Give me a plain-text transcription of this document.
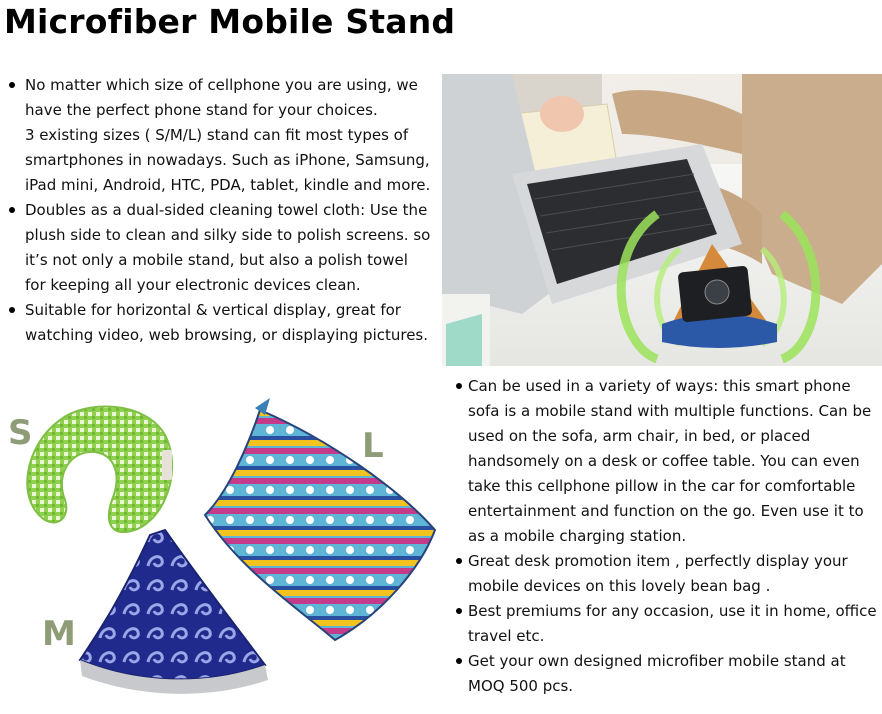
Microfiber Mobile Stand
No matter which size of cellphone you are using, we have the perfect phone stand for your choices.
3 existing sizes ( S/M/L) stand can fit most types of smartphones in nowadays. Such as iPhone, Samsung, iPad mini, Android, HTC, PDA, tablet, kindle and more.
Doubles as a dual-sided cleaning towel cloth: Use the plush side to clean and silky side to polish screens. so it’s not only a mobile stand, but also a polish towel for keeping all your electronic devices clean.
Suitable for horizontal & vertical display, great for watching video, web browsing, or displaying pictures.
S
M
L
Can be used in a variety of ways: this smart phone sofa is a mobile stand with multiple functions. Can be used on the sofa, arm chair, in bed, or placed handsomely on a desk or coffee table. You can even take this cellphone pillow in the car for comfortable entertainment and function on the go. Even use it to as a mobile charging station.
Great desk promotion item , perfectly display your mobile devices on this lovely bean bag .
Best premiums for any occasion, use it in home, office travel etc.
Get your own designed microfiber mobile stand at MOQ 500 pcs.
